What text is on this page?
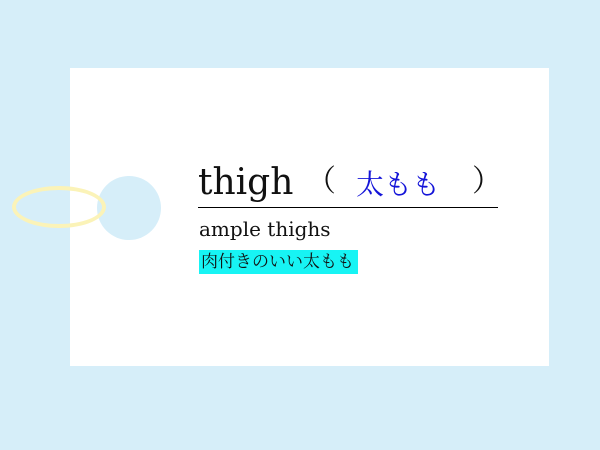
thigh （ 太もも ）
ample thighs
肉付きのいい太もも
